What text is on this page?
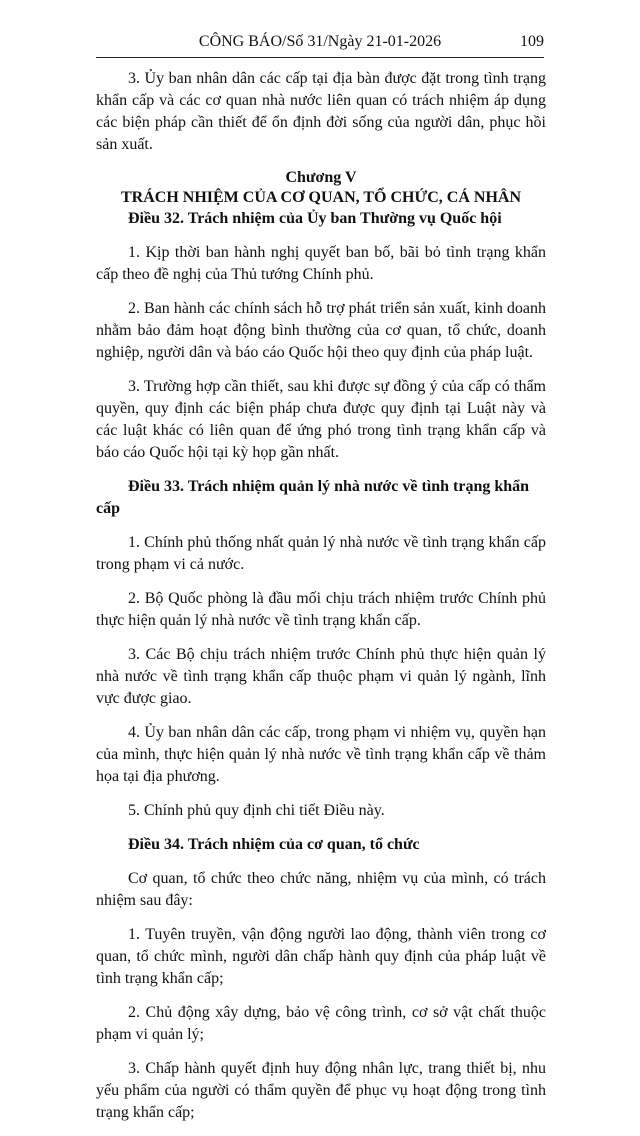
CÔNG BÁO/Số 31/Ngày 21-01-2026	109

3. Ủy ban nhân dân các cấp tại địa bàn được đặt trong tình trạng khẩn cấp và các cơ quan nhà nước liên quan có trách nhiệm áp dụng các biện pháp cần thiết để ổn định đời sống của người dân, phục hồi sản xuất.

Chương V

TRÁCH NHIỆM CỦA CƠ QUAN, TỔ CHỨC, CÁ NHÂN

Điều 32. Trách nhiệm của Ủy ban Thường vụ Quốc hội

1. Kịp thời ban hành nghị quyết ban bố, bãi bỏ tình trạng khẩn cấp theo đề nghị của Thủ tướng Chính phủ.

2. Ban hành các chính sách hỗ trợ phát triển sản xuất, kinh doanh nhằm bảo đảm hoạt động bình thường của cơ quan, tổ chức, doanh nghiệp, người dân và báo cáo Quốc hội theo quy định của pháp luật.

3. Trường hợp cần thiết, sau khi được sự đồng ý của cấp có thẩm quyền, quy định các biện pháp chưa được quy định tại Luật này và các luật khác có liên quan để ứng phó trong tình trạng khẩn cấp và báo cáo Quốc hội tại kỳ họp gần nhất.

Điều 33. Trách nhiệm quản lý nhà nước về tình trạng khẩn cấp

1. Chính phủ thống nhất quản lý nhà nước về tình trạng khẩn cấp trong phạm vi cả nước.

2. Bộ Quốc phòng là đầu mối chịu trách nhiệm trước Chính phủ thực hiện quản lý nhà nước về tình trạng khẩn cấp.

3. Các Bộ chịu trách nhiệm trước Chính phủ thực hiện quản lý nhà nước về tình trạng khẩn cấp thuộc phạm vi quản lý ngành, lĩnh vực được giao.

4. Ủy ban nhân dân các cấp, trong phạm vi nhiệm vụ, quyền hạn của mình, thực hiện quản lý nhà nước về tình trạng khẩn cấp về thảm họa tại địa phương.

5. Chính phủ quy định chi tiết Điều này.

Điều 34. Trách nhiệm của cơ quan, tổ chức

Cơ quan, tổ chức theo chức năng, nhiệm vụ của mình, có trách nhiệm sau đây:

1. Tuyên truyền, vận động người lao động, thành viên trong cơ quan, tổ chức mình, người dân chấp hành quy định của pháp luật về tình trạng khẩn cấp;

2. Chủ động xây dựng, bảo vệ công trình, cơ sở vật chất thuộc phạm vi quản lý;

3. Chấp hành quyết định huy động nhân lực, trang thiết bị, nhu yếu phẩm của người có thẩm quyền để phục vụ hoạt động trong tình trạng khẩn cấp;
